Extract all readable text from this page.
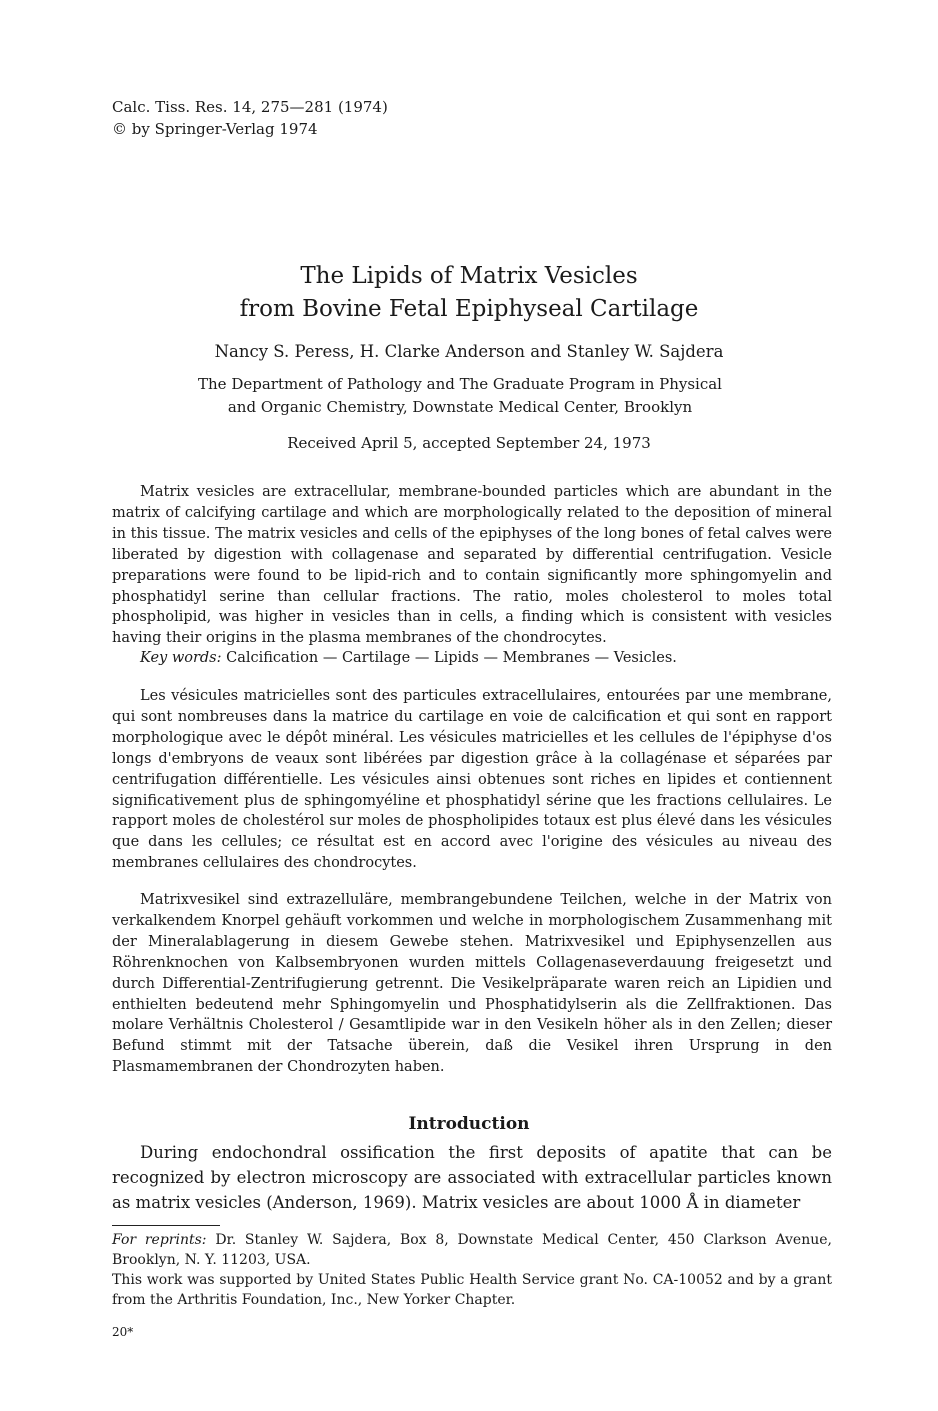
Calc. Tiss. Res. 14, 275—281 (1974)
© by Springer-Verlag 1974
The Lipids of Matrix Vesicles
from Bovine Fetal Epiphyseal Cartilage
Nancy S. Peress, H. Clarke Anderson and Stanley W. Sajdera
The Department of Pathology and The Graduate Program in Physical
and Organic Chemistry, Downstate Medical Center, Brooklyn
Received April 5, accepted September 24, 1973

Matrix vesicles are extracellular, membrane-bounded particles which are abundant in the matrix of calcifying cartilage and which are morphologically related to the deposition of mineral in this tissue. The matrix vesicles and cells of the epiphyses of the long bones of fetal calves were liberated by digestion with collagenase and separated by differential centrifugation. Vesicle preparations were found to be lipid-rich and to contain significantly more sphingomyelin and phosphatidyl serine than cellular fractions. The ratio, moles cholesterol to moles total phospholipid, was higher in vesicles than in cells, a finding which is consistent with vesicles having their origins in the plasma membranes of the chondrocytes.

Key words: Calcification — Cartilage — Lipids — Membranes — Vesicles.

Les vésicules matricielles sont des particules extracellulaires, entourées par une membrane, qui sont nombreuses dans la matrice du cartilage en voie de calcification et qui sont en rapport morphologique avec le dépôt minéral. Les vésicules matricielles et les cellules de l'épiphyse d'os longs d'embryons de veaux sont libérées par digestion grâce à la collagénase et séparées par centrifugation différentielle. Les vésicules ainsi obtenues sont riches en lipides et contiennent significativement plus de sphingomyéline et phosphatidyl sérine que les fractions cellulaires. Le rapport moles de cholestérol sur moles de phospholipides totaux est plus élevé dans les vésicules que dans les cellules; ce résultat est en accord avec l'origine des vésicules au niveau des membranes cellulaires des chondrocytes.

Matrixvesikel sind extrazelluläre, membrangebundene Teilchen, welche in der Matrix von verkalkendem Knorpel gehäuft vorkommen und welche in morphologischem Zusammenhang mit der Mineralablagerung in diesem Gewebe stehen. Matrixvesikel und Epiphysenzellen aus Röhrenknochen von Kalbsembryonen wurden mittels Collagenaseverdauung freigesetzt und durch Differential-Zentrifugierung getrennt. Die Vesikelpräparate waren reich an Lipidien und enthielten bedeutend mehr Sphingomyelin und Phosphatidylserin als die Zellfraktionen. Das molare Verhältnis Cholesterol / Gesamtlipide war in den Vesikeln höher als in den Zellen; dieser Befund stimmt mit der Tatsache überein, daß die Vesikel ihren Ursprung in den Plasmamembranen der Chondrozyten haben.

Introduction

During endochondral ossification the first deposits of apatite that can be recognized by electron microscopy are associated with extracellular particles known as matrix vesicles (Anderson, 1969). Matrix vesicles are about 1000 Å in diameter

For reprints: Dr. Stanley W. Sajdera, Box 8, Downstate Medical Center, 450 Clarkson Avenue, Brooklyn, N. Y. 11203, USA.

This work was supported by United States Public Health Service grant No. CA-10052 and by a grant from the Arthritis Foundation, Inc., New Yorker Chapter.

20*
